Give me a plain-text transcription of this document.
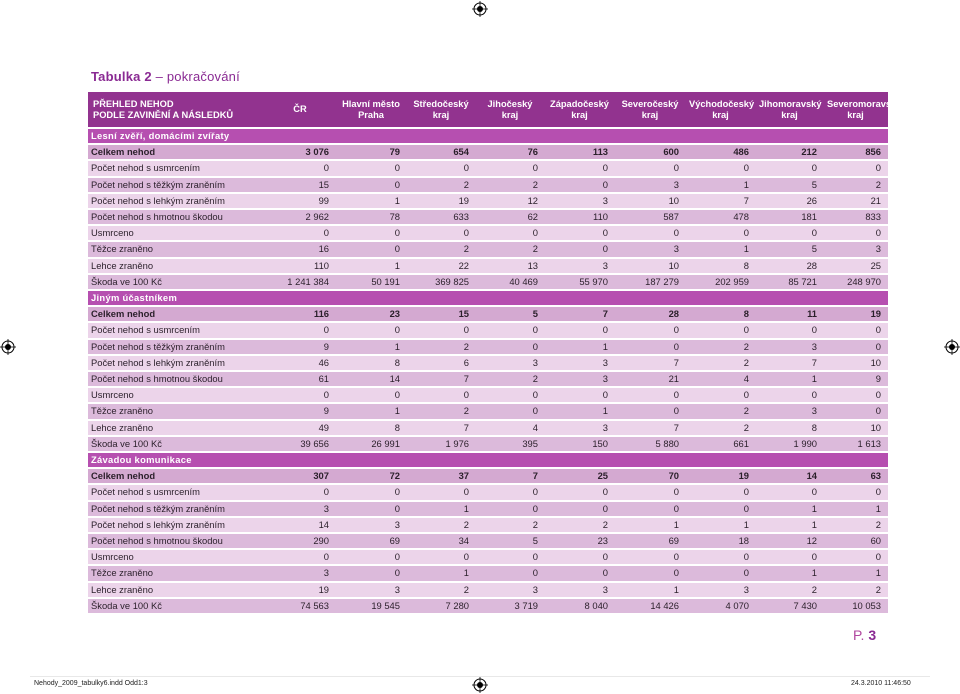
Tabulka 2 – pokračování
PŘEHLED NEHOD
PODLE ZAVINĚNÍ A NÁSLEDKŮ	ČR	Hlavní město Praha	Středočeský kraj	Jihočeský kraj	Západočeský kraj	Severočeský kraj	Východočeský kraj	Jihomoravský kraj	Severomoravský kraj
Lesní zvěří, domácími zvířaty									
Celkem nehod	3 076	79	654	76	113	600	486	212	856
Počet nehod s usmrcením	0	0	0	0	0	0	0	0	0
Počet nehod s těžkým zraněním	15	0	2	2	0	3	1	5	2
Počet nehod s lehkým zraněním	99	1	19	12	3	10	7	26	21
Počet nehod s hmotnou škodou	2 962	78	633	62	110	587	478	181	833
Usmrceno	0	0	0	0	0	0	0	0	0
Těžce zraněno	16	0	2	2	0	3	1	5	3
Lehce zraněno	110	1	22	13	3	10	8	28	25
Škoda ve 100 Kč	1 241 384	50 191	369 825	40 469	55 970	187 279	202 959	85 721	248 970
Jiným účastníkem									
Celkem nehod	116	23	15	5	7	28	8	11	19
Počet nehod s usmrcením	0	0	0	0	0	0	0	0	0
Počet nehod s těžkým zraněním	9	1	2	0	1	0	2	3	0
Počet nehod s lehkým zraněním	46	8	6	3	3	7	2	7	10
Počet nehod s hmotnou škodou	61	14	7	2	3	21	4	1	9
Usmrceno	0	0	0	0	0	0	0	0	0
Těžce zraněno	9	1	2	0	1	0	2	3	0
Lehce zraněno	49	8	7	4	3	7	2	8	10
Škoda ve 100 Kč	39 656	26 991	1 976	395	150	5 880	661	1 990	1 613
Závadou komunikace									
Celkem nehod	307	72	37	7	25	70	19	14	63
Počet nehod s usmrcením	0	0	0	0	0	0	0	0	0
Počet nehod s těžkým zraněním	3	0	1	0	0	0	0	1	1
Počet nehod s lehkým zraněním	14	3	2	2	2	1	1	1	2
Počet nehod s hmotnou škodou	290	69	34	5	23	69	18	12	60
Usmrceno	0	0	0	0	0	0	0	0	0
Těžce zraněno	3	0	1	0	0	0	0	1	1
Lehce zraněno	19	3	2	3	3	1	3	2	2
Škoda ve 100 Kč	74 563	19 545	7 280	3 719	8 040	14 426	4 070	7 430	10 053
P. 3
Nehody_2009_tabulky6.indd Odd1:3	24.3.2010 11:46:50
